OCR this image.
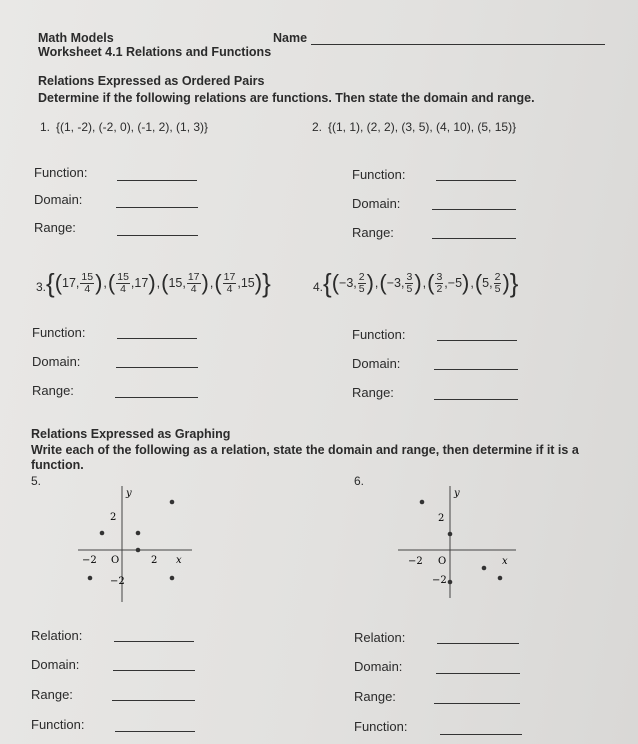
Math Models	Name
Worksheet 4.1 Relations and Functions
Relations Expressed as Ordered Pairs
Determine if the following relations are functions. Then state the domain and range.
1. {(1, -2), (-2, 0), (-1, 2), (1, 3)}	2. {(1, 1), (2, 2), (3, 5), (4, 10), (5, 15)}
Function:
Domain:
Range:
Function:
Domain:
Range:
3. { ( 17, $\frac{15}{4}$ ) , ( $\frac{15}{4} ,17$ ) , ( 15, $\frac{17}{4}$ ) , ( $\frac{17}{4} ,15$ ) }	4. { ( −3, $\frac{2}{5}$ ) , ( −3, $\frac{3}{5}$ ) , ( $\frac{3}{2} ,-5$ ) , ( 5, $\frac{2}{5}$ ) }
Function:
Domain:
Range:
Function:
Domain:
Range:
Relations Expressed as Graphing
Write each of the following as a relation, state the domain and range, then determine if it is a
function.
5.	6.
y
x
2
−2
−2	2
O
y
x
2
−2
−2 O
Relation:
Domain:
Range:
Function:
Relation:
Domain:
Range:
Function:
